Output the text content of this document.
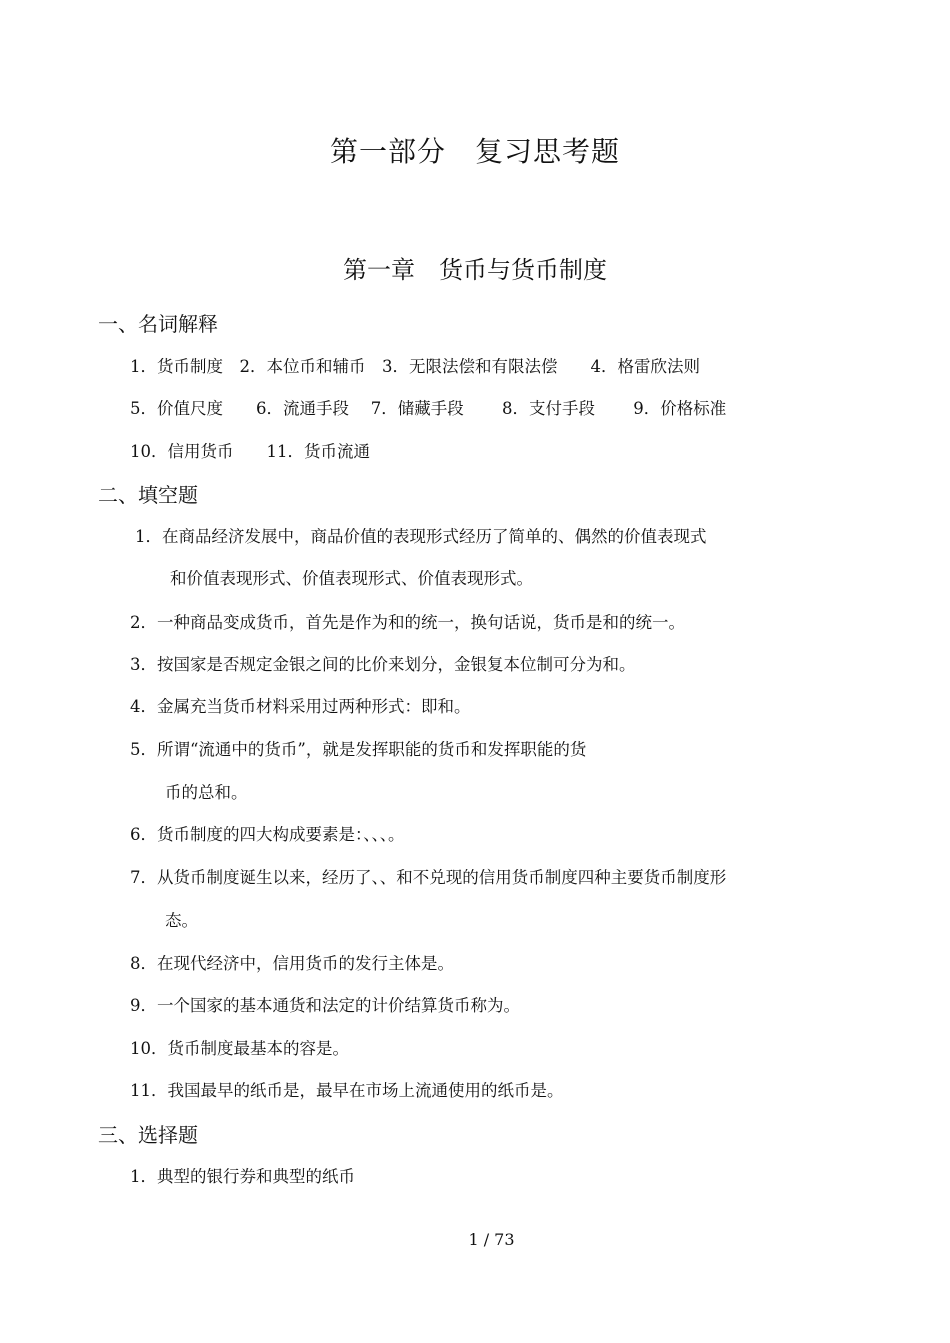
第一部分　复习思考题
第一章　货币与货币制度
一、名词解释
1．货币制度　2．本位币和辅币　3．无限法偿和有限法偿　　4．格雷欣法则
5．价值尺度　　6．流通手段　 7．储藏手段　　 8．支付手段　　 9．价格标准
10．信用货币　　11．货币流通
二、填空题
1．在商品经济发展中，商品价值的表现形式经历了简单的、偶然的价值表现式
和价值表现形式、价值表现形式、价值表现形式。
2．一种商品变成货币，首先是作为和的统一，换句话说，货币是和的统一。
3．按国家是否规定金银之间的比价来划分，金银复本位制可分为和。
4．金属充当货币材料采用过两种形式：即和。
5．所谓“流通中的货币”，就是发挥职能的货币和发挥职能的货
币的总和。
6．货币制度的四大构成要素是：、、、。
7．从货币制度诞生以来，经历了、、和不兑现的信用货币制度四种主要货币制度形
态。
8．在现代经济中，信用货币的发行主体是。
9．一个国家的基本通货和法定的计价结算货币称为。
10．货币制度最基本的容是。
11．我国最早的纸币是，最早在市场上流通使用的纸币是。
三、选择题
1．典型的银行券和典型的纸币
1 / 73
